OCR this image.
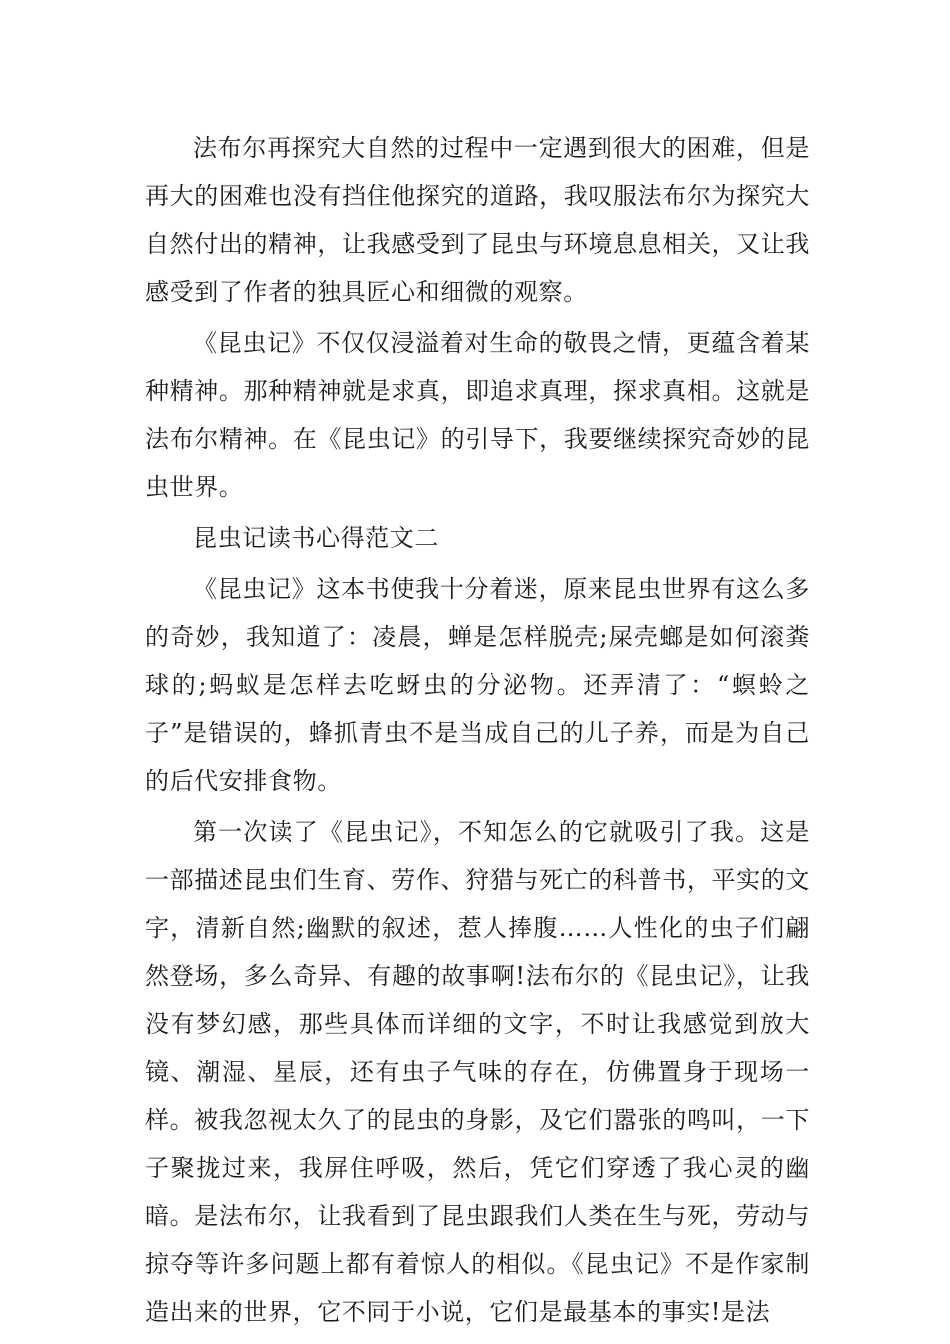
法布尔再探究大自然的过程中一定遇到很大的困难，但是再大的困难也没有挡住他探究的道路，我叹服法布尔为探究大自然付出的精神，让我感受到了昆虫与环境息息相关，又让我感受到了作者的独具匠心和细微的观察。

《昆虫记》不仅仅浸溢着对生命的敬畏之情，更蕴含着某种精神。那种精神就是求真，即追求真理，探求真相。这就是法布尔精神。在《昆虫记》的引导下，我要继续探究奇妙的昆虫世界。

昆虫记读书心得范文二

《昆虫记》这本书使我十分着迷，原来昆虫世界有这么多的奇妙，我知道了：凌晨，蝉是怎样脱壳;屎壳螂是如何滚粪球的;蚂蚁是怎样去吃蚜虫的分泌物。还弄清了：“螟蛉之子”是错误的，蜂抓青虫不是当成自己的儿子养，而是为自己的后代安排食物。

第一次读了《昆虫记》，不知怎么的它就吸引了我。这是一部描述昆虫们生育、劳作、狩猎与死亡的科普书，平实的文字，清新自然;幽默的叙述，惹人捧腹……人性化的虫子们翩然登场，多么奇异、有趣的故事啊!法布尔的《昆虫记》，让我没有梦幻感，那些具体而详细的文字，不时让我感觉到放大镜、潮湿、星辰，还有虫子气味的存在，仿佛置身于现场一样。被我忽视太久了的昆虫的身影，及它们嚣张的鸣叫，一下子聚拢过来，我屏住呼吸，然后，凭它们穿透了我心灵的幽暗。是法布尔，让我看到了昆虫跟我们人类在生与死，劳动与掠夺等许多问题上都有着惊人的相似。《昆虫记》不是作家制造出来的世界，它不同于小说，它们是最基本的事实!是法
